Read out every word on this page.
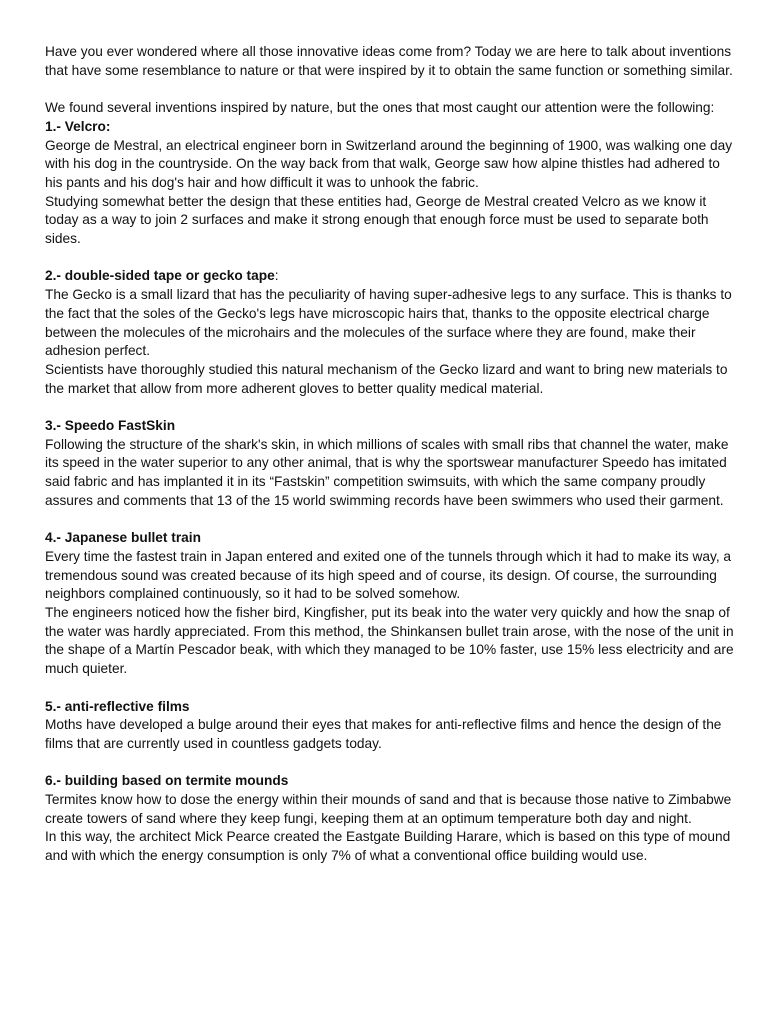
Have you ever wondered where all those innovative ideas come from? Today we are here to talk about inventions that have some resemblance to nature or that were inspired by it to obtain the same function or something similar.

We found several inventions inspired by nature, but the ones that most caught our attention were the following:

1.- Velcro:

George de Mestral, an electrical engineer born in Switzerland around the beginning of 1900, was walking one day with his dog in the countryside. On the way back from that walk, George saw how alpine thistles had adhered to his pants and his dog's hair and how difficult it was to unhook the fabric.

Studying somewhat better the design that these entities had, George de Mestral created Velcro as we know it today as a way to join 2 surfaces and make it strong enough that enough force must be used to separate both sides.

2.- double-sided tape or gecko tape:

The Gecko is a small lizard that has the peculiarity of having super-adhesive legs to any surface. This is thanks to the fact that the soles of the Gecko's legs have microscopic hairs that, thanks to the opposite electrical charge between the molecules of the microhairs and the molecules of the surface where they are found, make their adhesion perfect.

Scientists have thoroughly studied this natural mechanism of the Gecko lizard and want to bring new materials to the market that allow from more adherent gloves to better quality medical material.

3.- Speedo FastSkin

Following the structure of the shark's skin, in which millions of scales with small ribs that channel the water, make its speed in the water superior to any other animal, that is why the sportswear manufacturer Speedo has imitated said fabric and has implanted it in its “Fastskin” competition swimsuits, with which the same company proudly assures and comments that 13 of the 15 world swimming records have been swimmers who used their garment.

4.- Japanese bullet train

Every time the fastest train in Japan entered and exited one of the tunnels through which it had to make its way, a tremendous sound was created because of its high speed and of course, its design. Of course, the surrounding neighbors complained continuously, so it had to be solved somehow.

The engineers noticed how the fisher bird, Kingfisher, put its beak into the water very quickly and how the snap of the water was hardly appreciated. From this method, the Shinkansen bullet train arose, with the nose of the unit in the shape of a Martín Pescador beak, with which they managed to be 10% faster, use 15% less electricity and are much quieter.

5.- anti-reflective films

Moths have developed a bulge around their eyes that makes for anti-reflective films and hence the design of the films that are currently used in countless gadgets today.

6.- building based on termite mounds

Termites know how to dose the energy within their mounds of sand and that is because those native to Zimbabwe create towers of sand where they keep fungi, keeping them at an optimum temperature both day and night.

In this way, the architect Mick Pearce created the Eastgate Building Harare, which is based on this type of mound and with which the energy consumption is only 7% of what a conventional office building would use.
